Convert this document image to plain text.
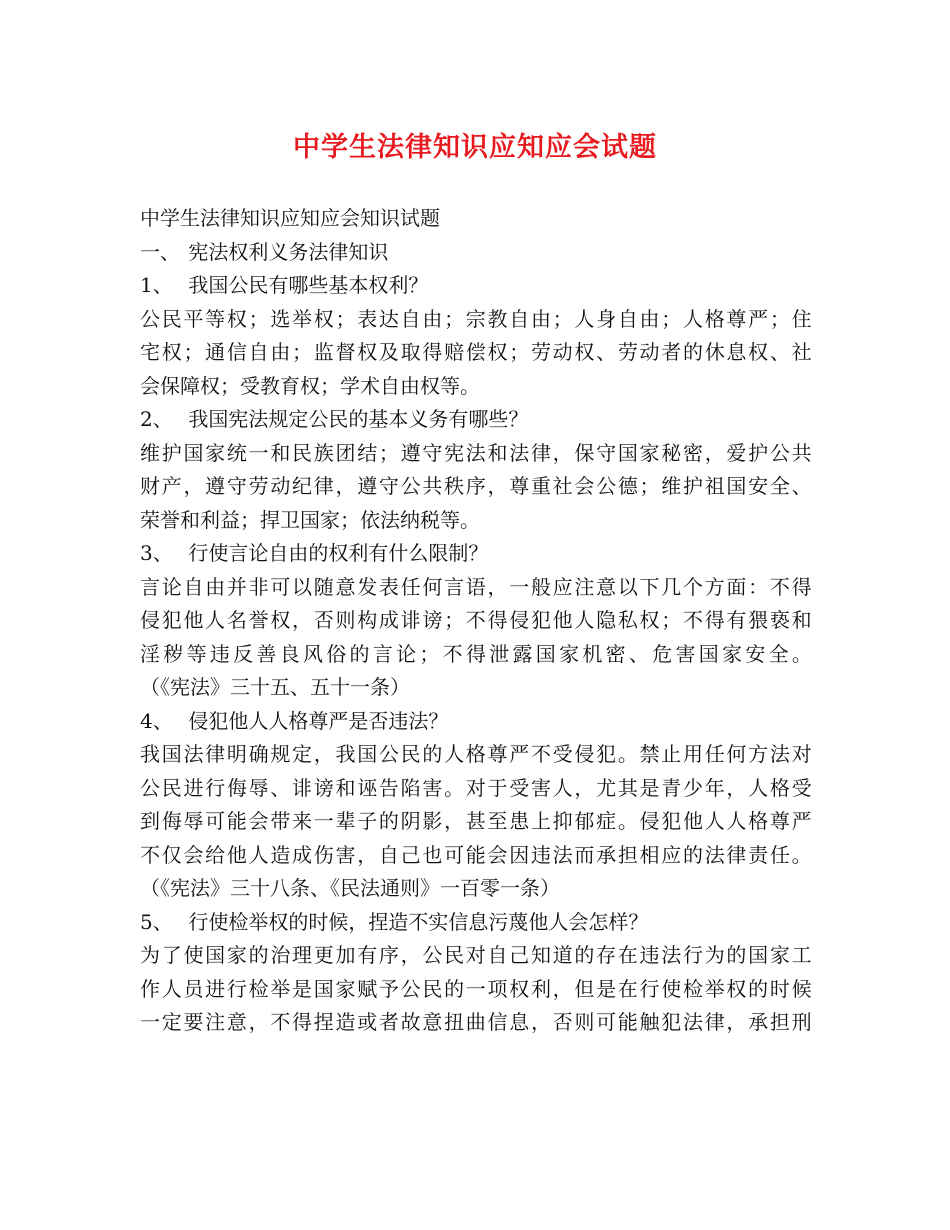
中学生法律知识应知应会试题
中学生法律知识应知应会知识试题
一、 宪法权利义务法律知识
1、 我国公民有哪些基本权利？
公 民 平 等 权 ； 选 举 权 ； 表 达 自 由 ； 宗 教 自 由 ； 人 身 自 由 ； 人 格 尊 严 ； 住
宅 权 ； 通 信 自 由 ； 监 督 权 及 取 得 赔 偿 权 ； 劳 动 权 、 劳 动 者 的 休 息 权 、 社
会保障权；受教育权；学术自由权等。
2、 我国宪法规定公民的基本义务有哪些？
维 护 国 家 统 一 和 民 族 团 结 ； 遵 守 宪 法 和 法 律 ， 保 守 国 家 秘 密 ， 爱 护 公 共
财 产 ， 遵 守 劳 动 纪 律 ， 遵 守 公 共 秩 序 ， 尊 重 社 会 公 德 ； 维 护 祖 国 安 全 、
荣誉和利益；捍卫国家；依法纳税等。
3、 行使言论自由的权利有什么限制？
言 论 自 由 并 非 可 以 随 意 发 表 任 何 言 语 ， 一 般 应 注 意 以 下 几 个 方 面 ： 不 得
侵 犯 他 人 名 誉 权 ， 否 则 构 成 诽 谤 ； 不 得 侵 犯 他 人 隐 私 权 ； 不 得 有 猥 亵 和
淫 秽 等 违 反 善 良 风 俗 的 言 论 ； 不 得 泄 露 国 家 机 密 、 危 害 国 家 安 全 。
（《宪法》三十五、五十一条）
4、 侵犯他人人格尊严是否违法？
我 国 法 律 明 确 规 定 ， 我 国 公 民 的 人 格 尊 严 不 受 侵 犯 。 禁 止 用 任 何 方 法 对
公 民 进 行 侮 辱 、 诽 谤 和 诬 告 陷 害 。 对 于 受 害 人 ， 尤 其 是 青 少 年 ， 人 格 受
到 侮 辱 可 能 会 带 来 一 辈 子 的 阴 影 ， 甚 至 患 上 抑 郁 症 。 侵 犯 他 人 人 格 尊 严
不 仅 会 给 他 人 造 成 伤 害 ， 自 己 也 可 能 会 因 违 法 而 承 担 相 应 的 法 律 责 任 。
（《宪法》三十八条、《民法通则》一百零一条）
5、 行使检举权的时候，捏造不实信息污蔑他人会怎样？
为 了 使 国 家 的 治 理 更 加 有 序 ， 公 民 对 自 己 知 道 的 存 在 违 法 行 为 的 国 家 工
作 人 员 进 行 检 举 是 国 家 赋 予 公 民 的 一 项 权 利 ， 但 是 在 行 使 检 举 权 的 时 候
一 定 要 注 意 ， 不 得 捏 造 或 者 故 意 扭 曲 信 息 ， 否 则 可 能 触 犯 法 律 ， 承 担 刑
